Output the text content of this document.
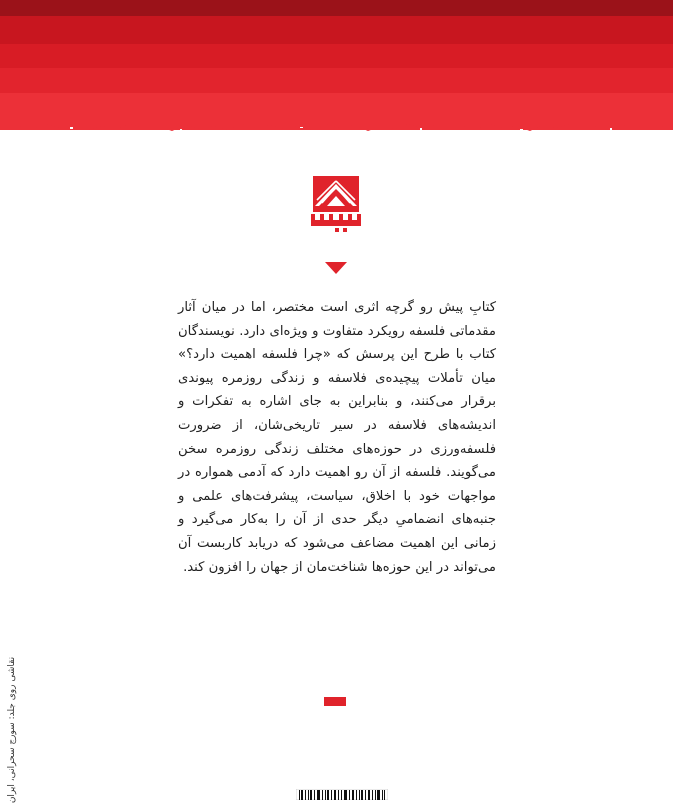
کتابِ پیش رو گرچه اثری است مختصر، اما در میان آثار مقدماتی فلسفه رویکرد متفاوت و ویژه‌ای دارد. نویسندگان کتاب با طرح این پرسش که «چرا فلسفه اهمیت دارد؟» میان تأملات پیچیده‌ی فلاسفه و زندگی روزمره پیوندی برقرار می‌کنند، و بنابراین به جای اشاره به تفکرات و اندیشه‌های فلاسفه در سیر تاریخی‌شان، از ضرورت فلسفه‌ورزی در حوزه‌های مختلف زندگی روزمره سخن می‌گویند. فلسفه از آن رو اهمیت دارد که آدمی همواره در مواجهات خود با اخلاق، سیاست، پیشرفت‌های علمی و جنبه‌های انضمامیِ دیگر حدی از آن را به‌کار می‌گیرد و زمانی این اهمیت مضاعف می‌شود که دریابد کاربست آن می‌تواند در این حوزه‌ها شناخت‌مان از جهان را افزون کند.

نقاشی روی جلد: سورج سحرانی، ایران
